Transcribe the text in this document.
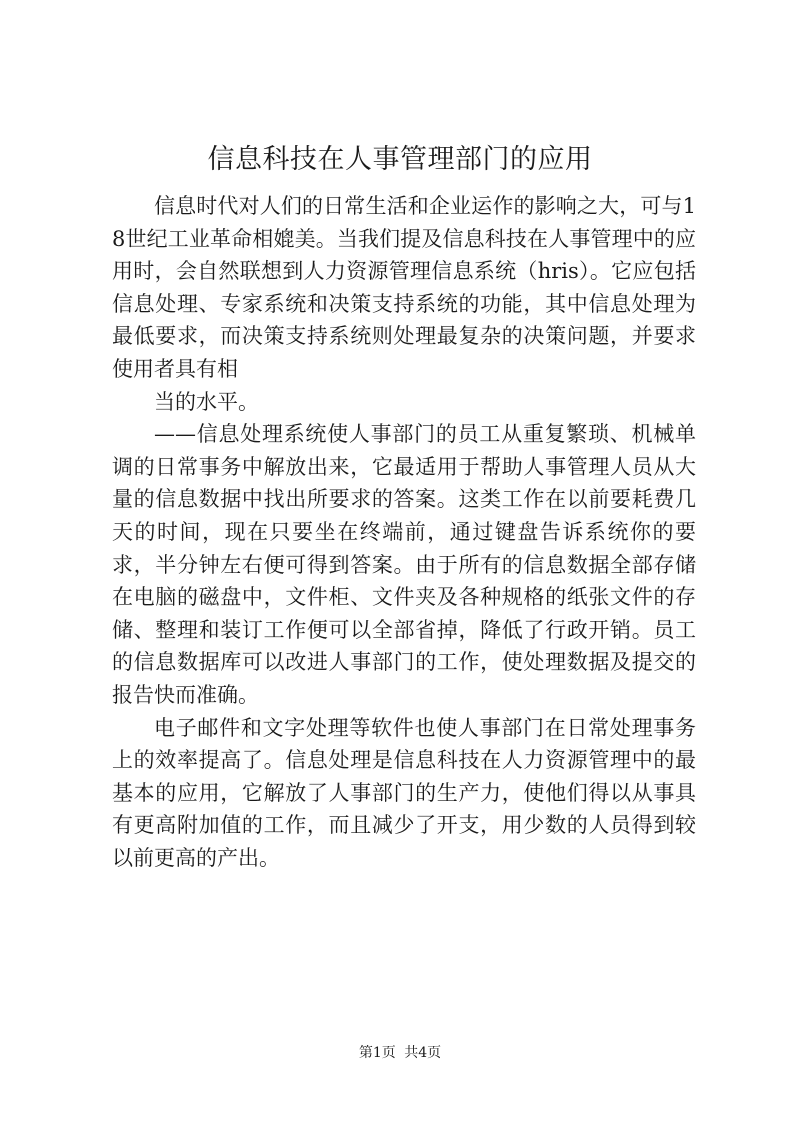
信息科技在人事管理部门的应用

信息时代对人们的日常生活和企业运作的影响之大，可与18世纪工业革命相媲美。当我们提及信息科技在人事管理中的应用时，会自然联想到人力资源管理信息系统（hris）。它应包括信息处理、专家系统和决策支持系统的功能，其中信息处理为最低要求，而决策支持系统则处理最复杂的决策问题，并要求使用者具有相

当的水平。

——信息处理系统使人事部门的员工从重复繁琐、机械单调的日常事务中解放出来，它最适用于帮助人事管理人员从大量的信息数据中找出所要求的答案。这类工作在以前要耗费几天的时间，现在只要坐在终端前，通过键盘告诉系统你的要求，半分钟左右便可得到答案。由于所有的信息数据全部存储在电脑的磁盘中，文件柜、文件夹及各种规格的纸张文件的存储、整理和装订工作便可以全部省掉，降低了行政开销。员工的信息数据库可以改进人事部门的工作，使处理数据及提交的报告快而准确。

电子邮件和文字处理等软件也使人事部门在日常处理事务上的效率提高了。信息处理是信息科技在人力资源管理中的最基本的应用，它解放了人事部门的生产力，使他们得以从事具有更高附加值的工作，而且减少了开支，用少数的人员得到较以前更高的产出。

第1页 共4页
